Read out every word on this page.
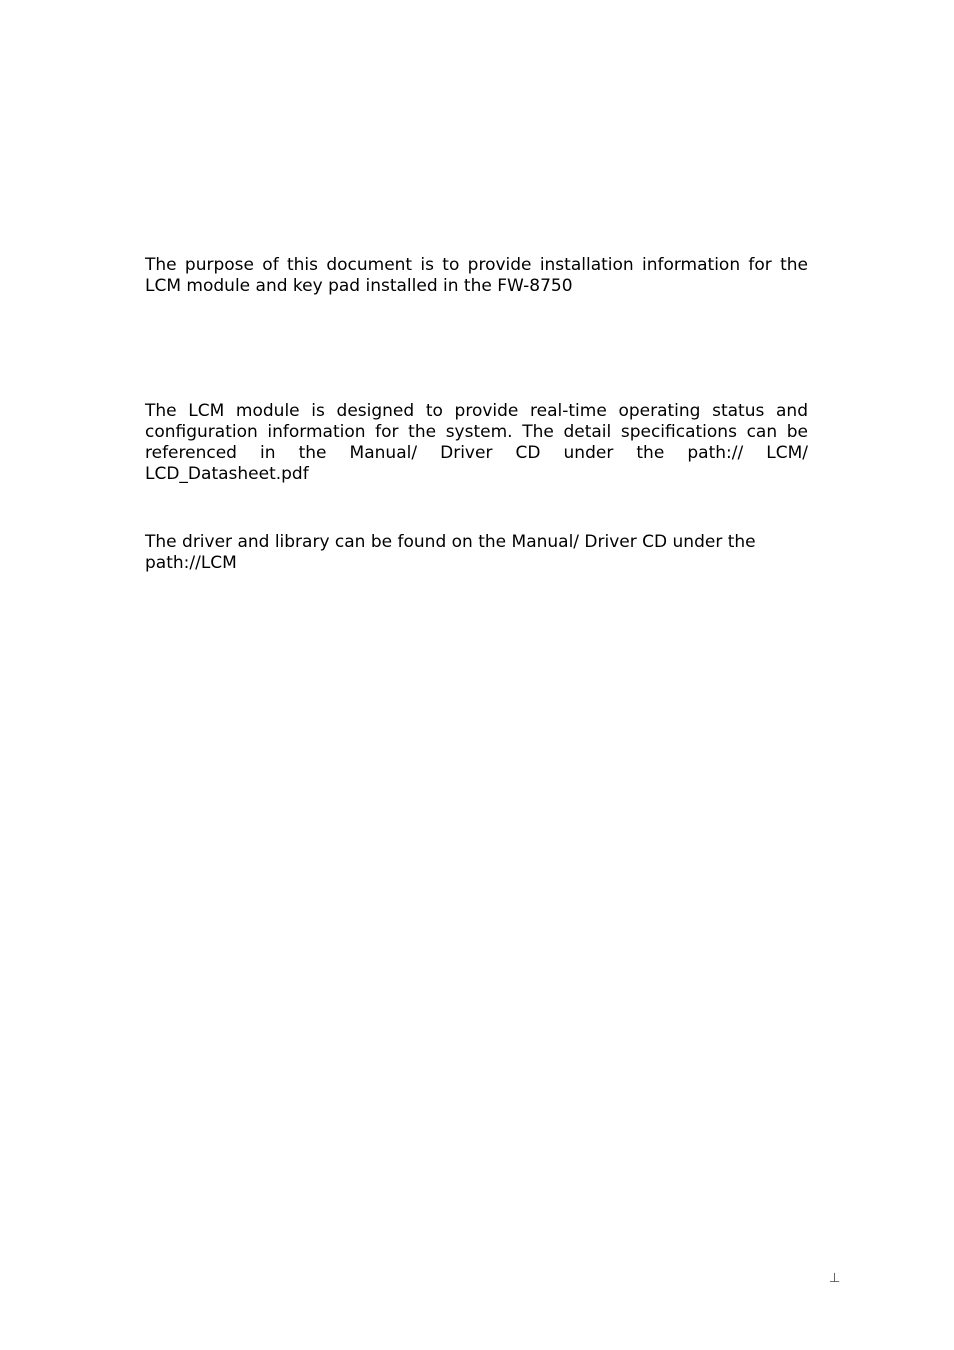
The purpose of this document is to provide installation information for the LCM module and key pad installed in the FW-8750

The LCM module is designed to provide real-time operating status and configuration information for the system. The detail specifications can be referenced in the Manual/ Driver CD under the path:// LCM/ LCD_Datasheet.pdf

The driver and library can be found on the Manual/ Driver CD under the path://LCM

⊥
